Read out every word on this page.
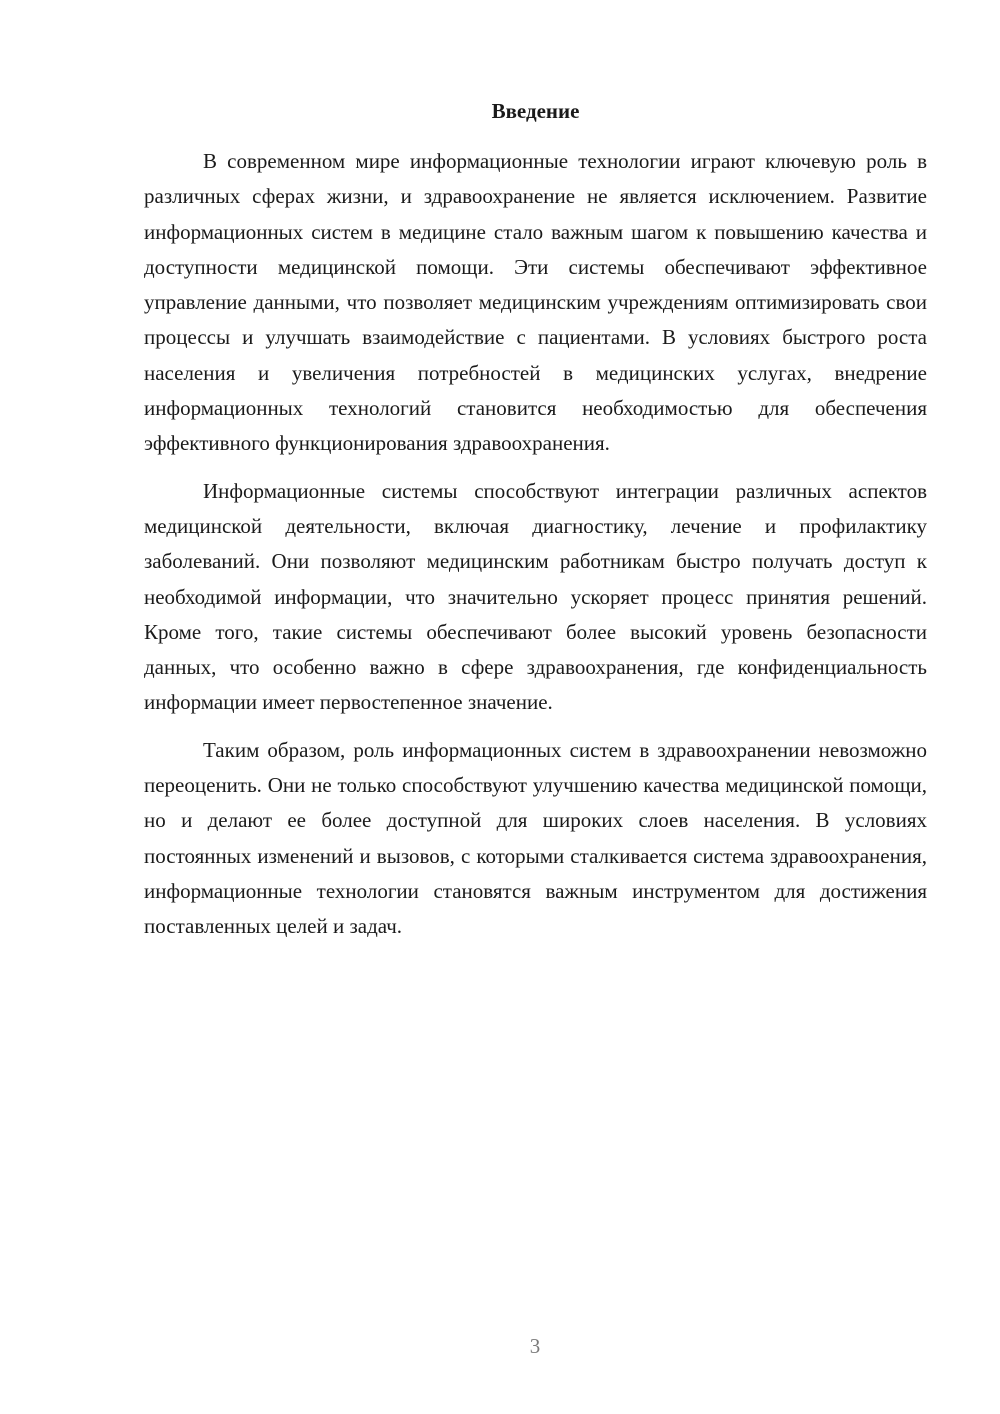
Введение

В современном мире информационные технологии играют ключевую роль в различных сферах жизни, и здравоохранение не является исключением. Развитие информационных систем в медицине стало важным шагом к повышению качества и доступности медицинской помощи. Эти системы обеспечивают эффективное управление данными, что позволяет медицинским учреждениям оптимизировать свои процессы и улучшать взаимодействие с пациентами. В условиях быстрого роста населения и увеличения потребностей в медицинских услугах, внедрение информационных технологий становится необходимостью для обеспечения эффективного функционирования здравоохранения.

Информационные системы способствуют интеграции различных аспектов медицинской деятельности, включая диагностику, лечение и профилактику заболеваний. Они позволяют медицинским работникам быстро получать доступ к необходимой информации, что значительно ускоряет процесс принятия решений. Кроме того, такие системы обеспечивают более высокий уровень безопасности данных, что особенно важно в сфере здравоохранения, где конфиденциальность информации имеет первостепенное значение.

Таким образом, роль информационных систем в здравоохранении невозможно переоценить. Они не только способствуют улучшению качества медицинской помощи, но и делают ее более доступной для широких слоев населения. В условиях постоянных изменений и вызовов, с которыми сталкивается система здравоохранения, информационные технологии становятся важным инструментом для достижения поставленных целей и задач.

3
